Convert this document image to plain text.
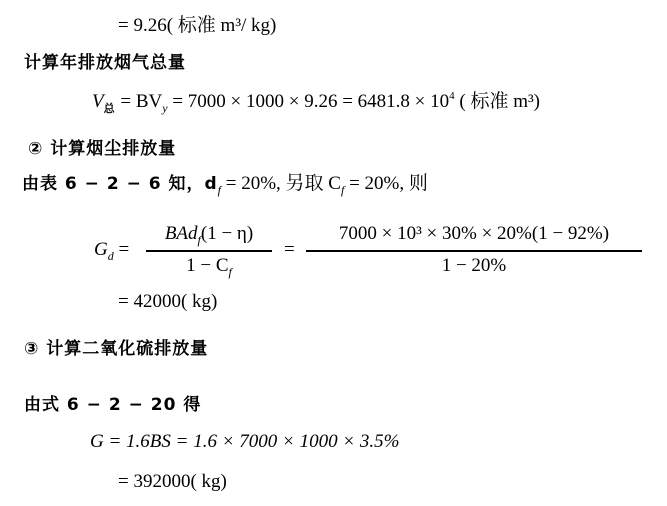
= 9.26( 标准 m³/ kg)
计算年排放烟气总量
$V_总 = BV_y = 7000 \times 1000 \times 9.26 = 6481.8 \times 10^4$ ( 标准 m³)
② 计算烟尘排放量
由表 6 − 2 − 6 知，$d_f = 20\%$, 另取 $C_f = 20\%$, 则
$G_d$ =
BAd$_f$(1 − η)
$1 - C_f$
=
7000 × 10³ × 30% × 20%(1 − 92%)
1 − 20%
= 42000( kg)
③ 计算二氧化硫排放量
由式 6 − 2 − 20 得
G = 1.6BS = 1.6 × 7000 × 1000 × 3.5%
= 392000( kg)
